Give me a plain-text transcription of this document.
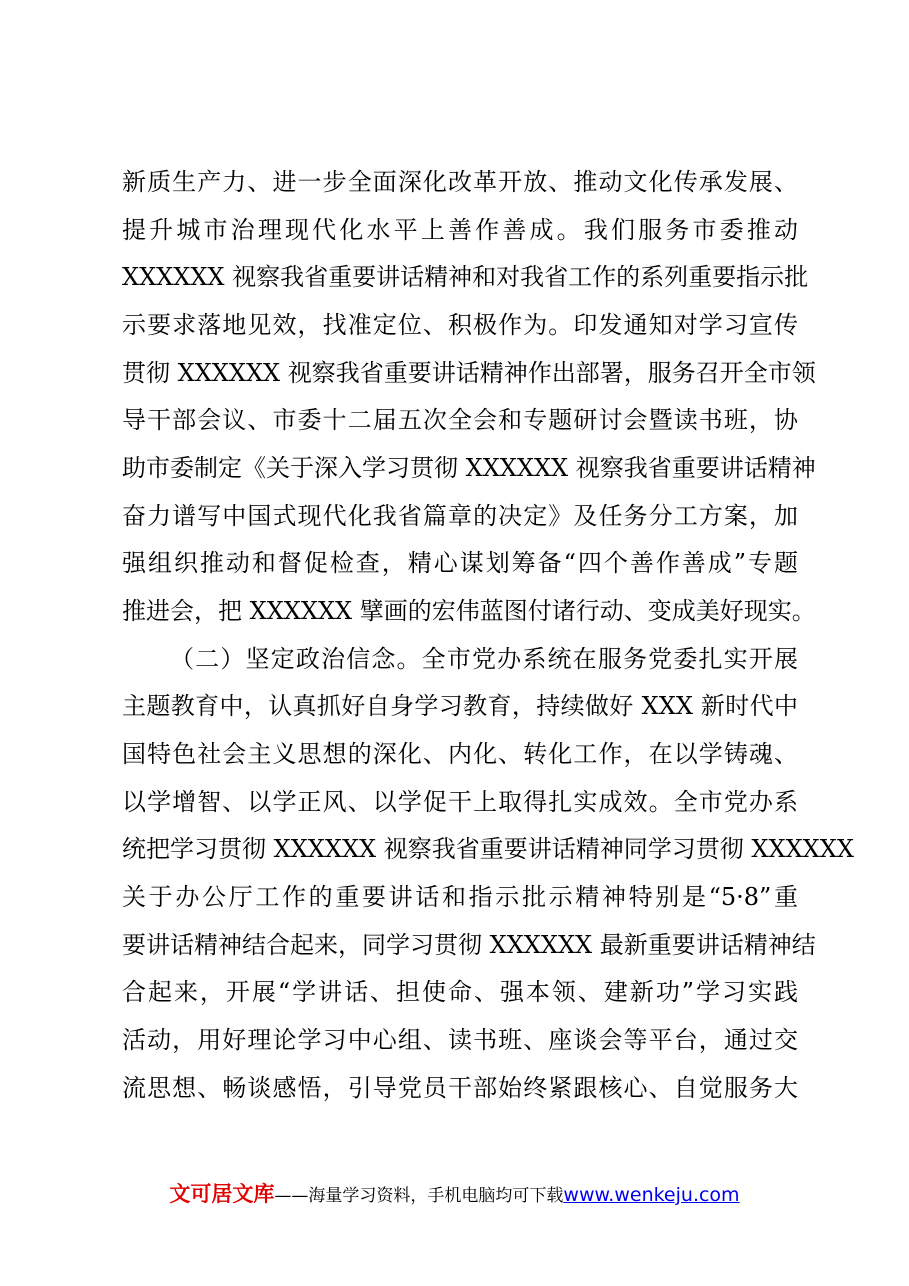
新质生产力、进一步全面深化改革开放、推动文化传承发展、
提升城市治理现代化水平上善作善成。我们服务市委推动
XXXXXX 视察我省重要讲话精神和对我省工作的系列重要指示批
示要求落地见效，找准定位、积极作为。印发通知对学习宣传
贯彻 XXXXXX 视察我省重要讲话精神作出部署，服务召开全市领
导干部会议、市委十二届五次全会和专题研讨会暨读书班，协
助市委制定《关于深入学习贯彻 XXXXXX 视察我省重要讲话精神
奋力谱写中国式现代化我省篇章的决定》及任务分工方案，加
强组织推动和督促检查，精心谋划筹备“四个善作善成”专题
推进会，把 XXXXXX 擘画的宏伟蓝图付诸行动、变成美好现实。
（二）坚定政治信念。全市党办系统在服务党委扎实开展
主题教育中，认真抓好自身学习教育，持续做好 XXX 新时代中
国特色社会主义思想的深化、内化、转化工作，在以学铸魂、
以学增智、以学正风、以学促干上取得扎实成效。全市党办系
统把学习贯彻 XXXXXX 视察我省重要讲话精神同学习贯彻 XXXXXX
关于办公厅工作的重要讲话和指示批示精神特别是“5·8”重
要讲话精神结合起来，同学习贯彻 XXXXXX 最新重要讲话精神结
合起来，开展“学讲话、担使命、强本领、建新功”学习实践
活动，用好理论学习中心组、读书班、座谈会等平台，通过交
流思想、畅谈感悟，引导党员干部始终紧跟核心、自觉服务大
文可居文库——海量学习资料，手机电脑均可下载www.wenkeju.com
